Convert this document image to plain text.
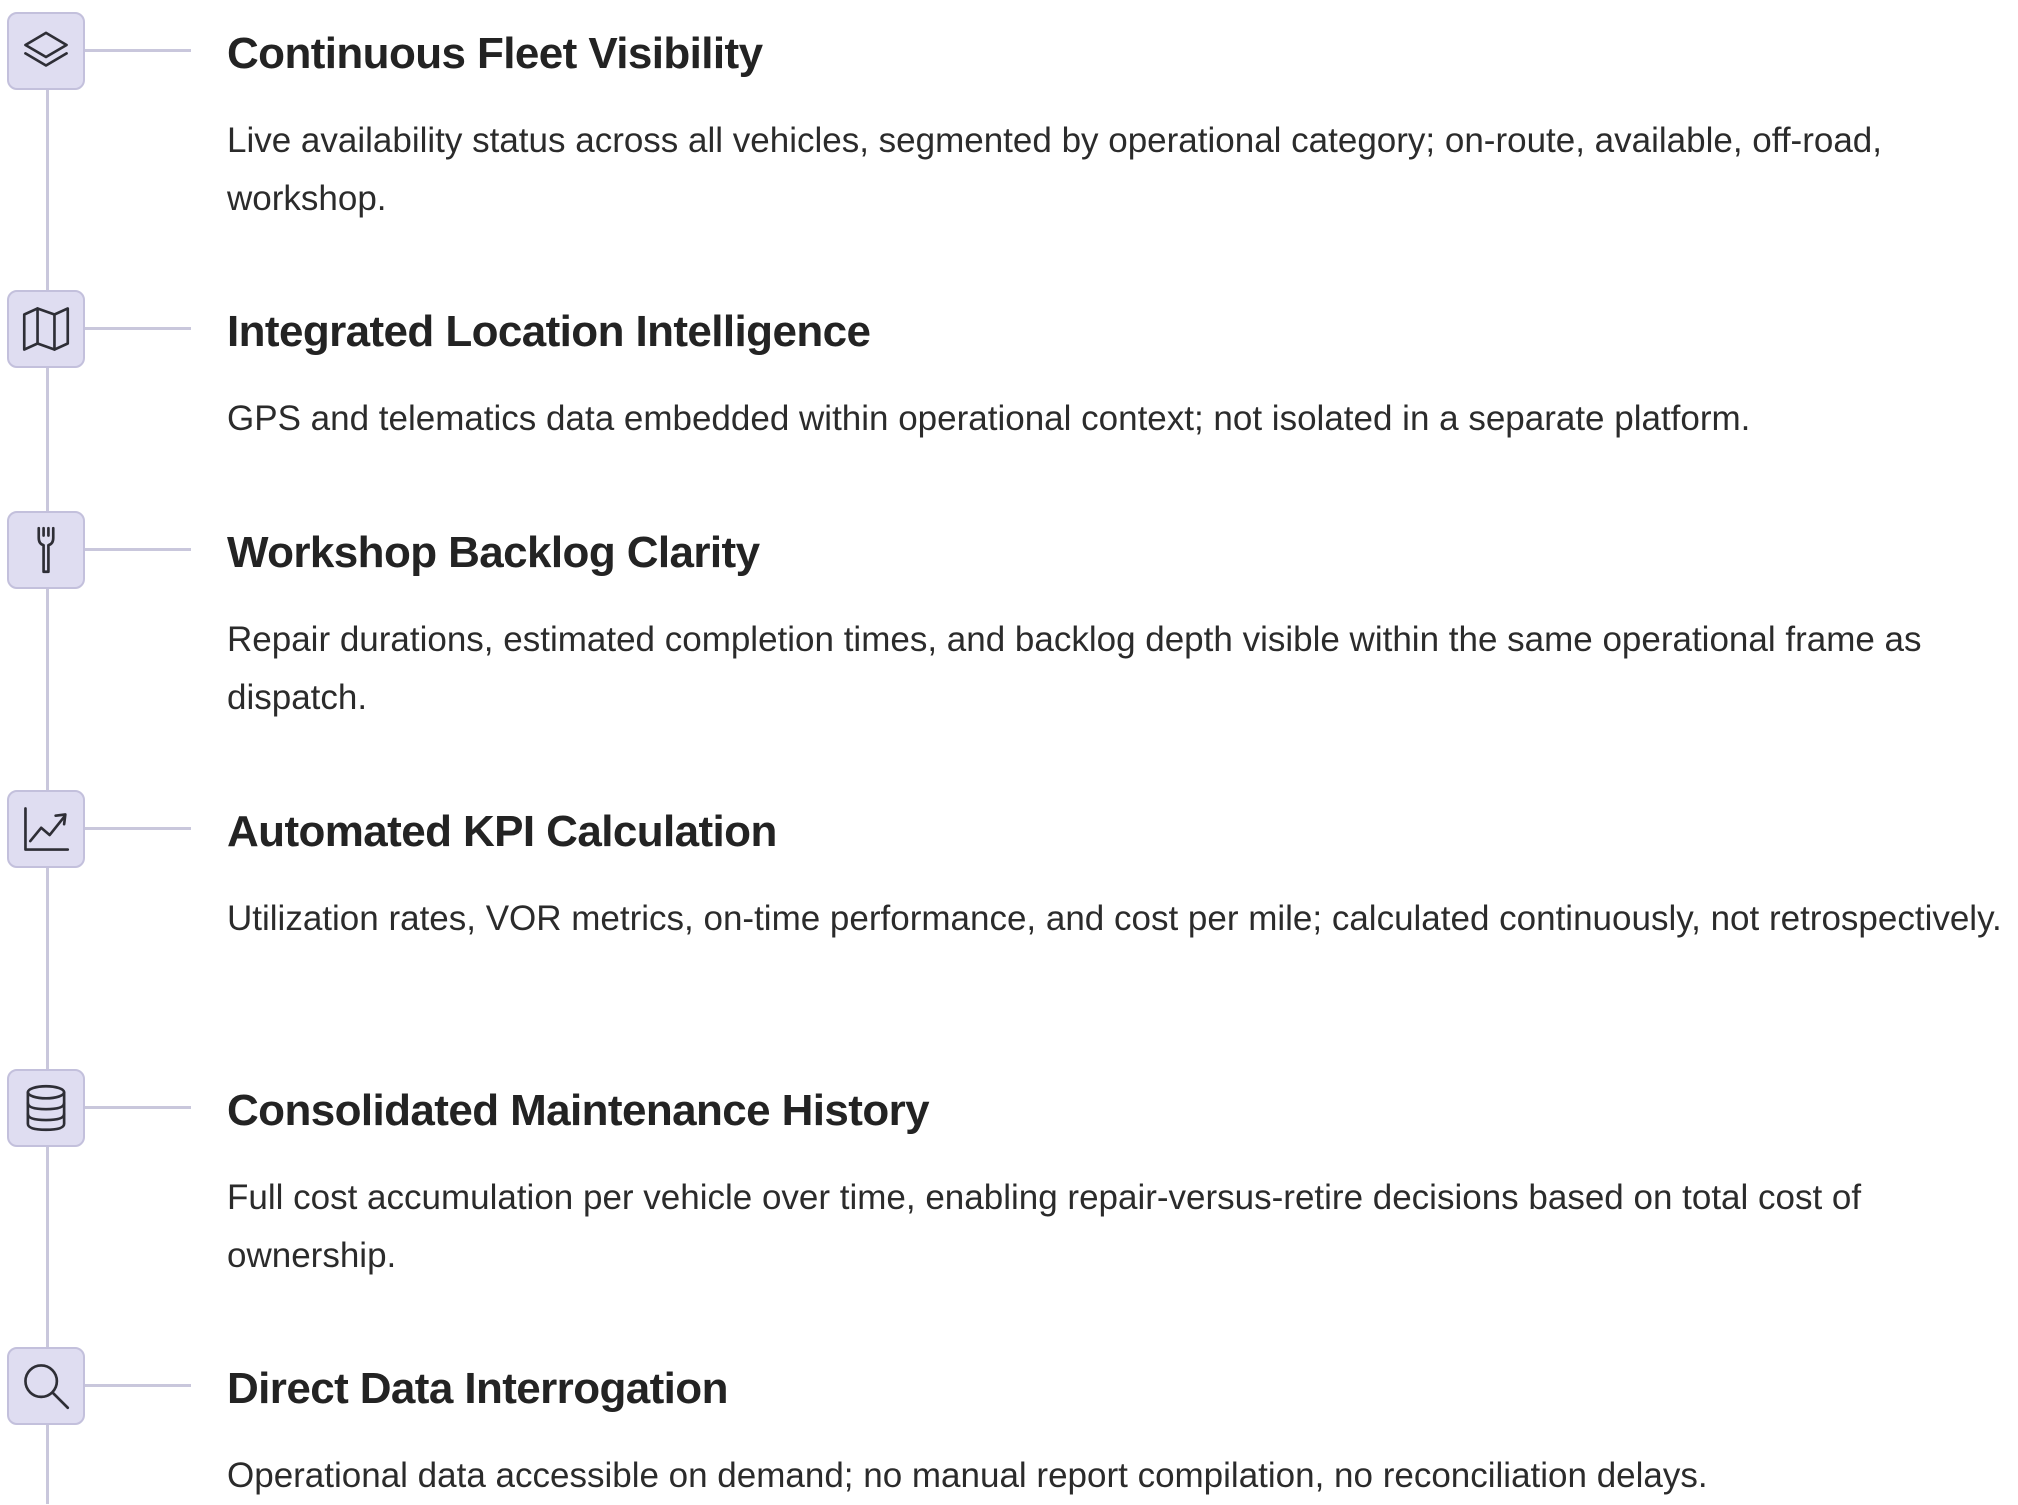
Continuous Fleet Visibility

Live availability status across all vehicles, segmented by operational category; on-route, available, off-road, workshop.

Integrated Location Intelligence

GPS and telematics data embedded within operational context; not isolated in a separate platform.

Workshop Backlog Clarity

Repair durations, estimated completion times, and backlog depth visible within the same operational frame as dispatch.

Automated KPI Calculation

Utilization rates, VOR metrics, on-time performance, and cost per mile; calculated continuously, not retrospectively.

Consolidated Maintenance History

Full cost accumulation per vehicle over time, enabling repair-versus-retire decisions based on total cost of ownership.

Direct Data Interrogation

Operational data accessible on demand; no manual report compilation, no reconciliation delays.
